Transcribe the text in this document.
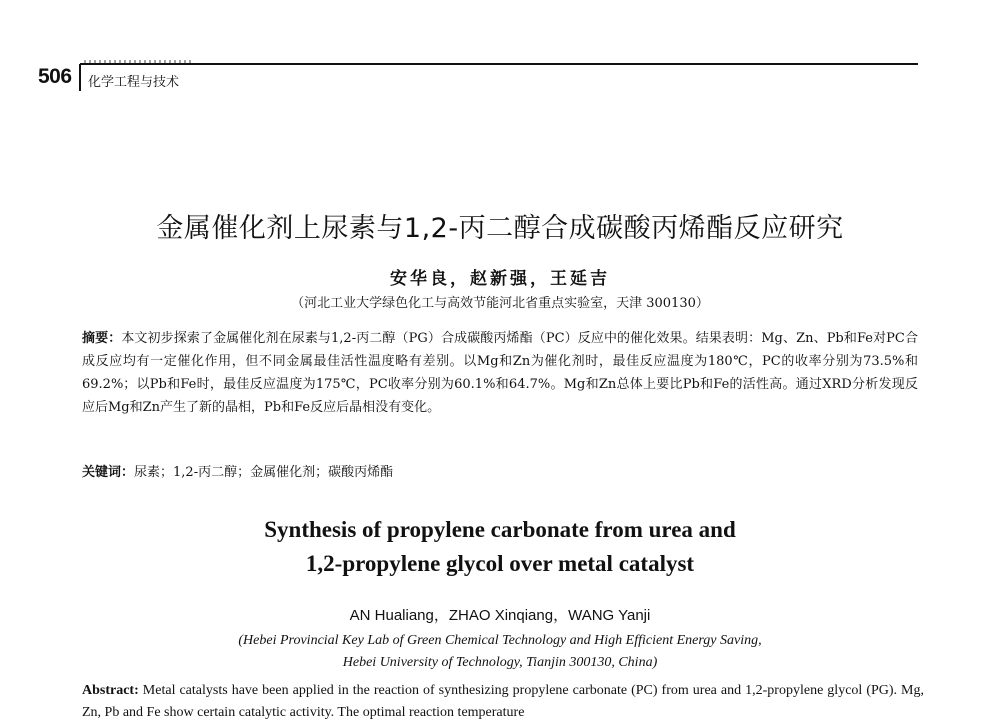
506 化学工程与技术
金属催化剂上尿素与1,2-丙二醇合成碳酸丙烯酯反应研究
安华良，赵新强，王延吉
（河北工业大学绿色化工与高效节能河北省重点实验室，天津 300130）
摘要：本文初步探索了金属催化剂在尿素与1,2-丙二醇（PG）合成碳酸丙烯酯（PC）反应中的催化效果。结果表明：Mg、Zn、Pb和Fe对PC合成反应均有一定催化作用，但不同金属最佳活性温度略有差别。以Mg和Zn为催化剂时，最佳反应温度为180℃，PC的收率分别为73.5%和69.2%；以Pb和Fe时，最佳反应温度为175℃，PC收率分别为60.1%和64.7%。Mg和Zn总体上要比Pb和Fe的活性高。通过XRD分析发现反应后Mg和Zn产生了新的晶相，Pb和Fe反应后晶相没有变化。
关键词：尿素；1,2-丙二醇；金属催化剂；碳酸丙烯酯
Synthesis of propylene carbonate from urea and
1,2-propylene glycol over metal catalyst
AN Hualiang，ZHAO Xinqiang，WANG Yanji
(Hebei Provincial Key Lab of Green Chemical Technology and High Efficient Energy Saving,
Hebei University of Technology, Tianjin 300130, China)
Abstract: Metal catalysts have been applied in the reaction of synthesizing propylene carbonate (PC) from urea and 1,2-propylene glycol (PG). Mg, Zn, Pb and Fe show certain catalytic activity. The optimal reaction temperature
